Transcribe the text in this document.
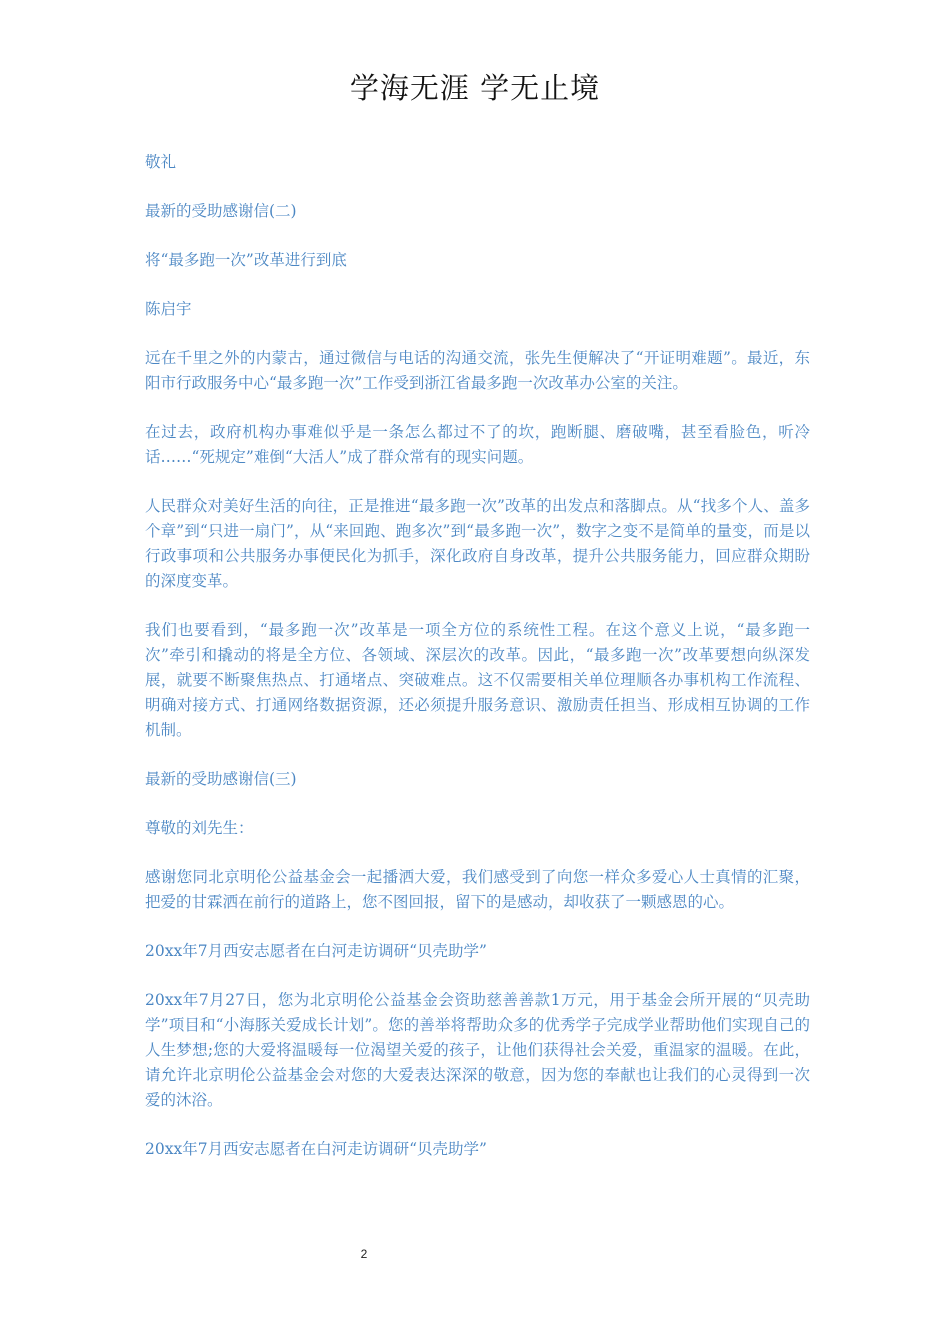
学海无涯 学无止境

敬礼

最新的受助感谢信(二)

将“最多跑一次”改革进行到底

陈启宇

远在千里之外的内蒙古，通过微信与电话的沟通交流，张先生便解决了“开证明难题”。最近，东阳市行政服务中心“最多跑一次”工作受到浙江省最多跑一次改革办公室的关注。

在过去，政府机构办事难似乎是一条怎么都过不了的坎，跑断腿、磨破嘴，甚至看脸色，听冷话……“死规定”难倒“大活人”成了群众常有的现实问题。

人民群众对美好生活的向往，正是推进“最多跑一次”改革的出发点和落脚点。从“找多个人、盖多个章”到“只进一扇门”，从“来回跑、跑多次”到“最多跑一次”，数字之变不是简单的量变，而是以行政事项和公共服务办事便民化为抓手，深化政府自身改革，提升公共服务能力，回应群众期盼的深度变革。

我们也要看到，“最多跑一次”改革是一项全方位的系统性工程。在这个意义上说，“最多跑一次”牵引和撬动的将是全方位、各领域、深层次的改革。因此，“最多跑一次”改革要想向纵深发展，就要不断聚焦热点、打通堵点、突破难点。这不仅需要相关单位理顺各办事机构工作流程、明确对接方式、打通网络数据资源，还必须提升服务意识、激励责任担当、形成相互协调的工作机制。

最新的受助感谢信(三)

尊敬的刘先生：

感谢您同北京明伦公益基金会一起播洒大爱，我们感受到了向您一样众多爱心人士真情的汇聚，把爱的甘霖洒在前行的道路上，您不图回报，留下的是感动，却收获了一颗感恩的心。

20xx年7月西安志愿者在白河走访调研“贝壳助学”

20xx年7月27日，您为北京明伦公益基金会资助慈善善款1万元，用于基金会所开展的“贝壳助学”项目和“小海豚关爱成长计划”。您的善举将帮助众多的优秀学子完成学业帮助他们实现自己的人生梦想;您的大爱将温暖每一位渴望关爱的孩子，让他们获得社会关爱，重温家的温暖。在此，请允许北京明伦公益基金会对您的大爱表达深深的敬意，因为您的奉献也让我们的心灵得到一次爱的沐浴。

20xx年7月西安志愿者在白河走访调研“贝壳助学”

2
